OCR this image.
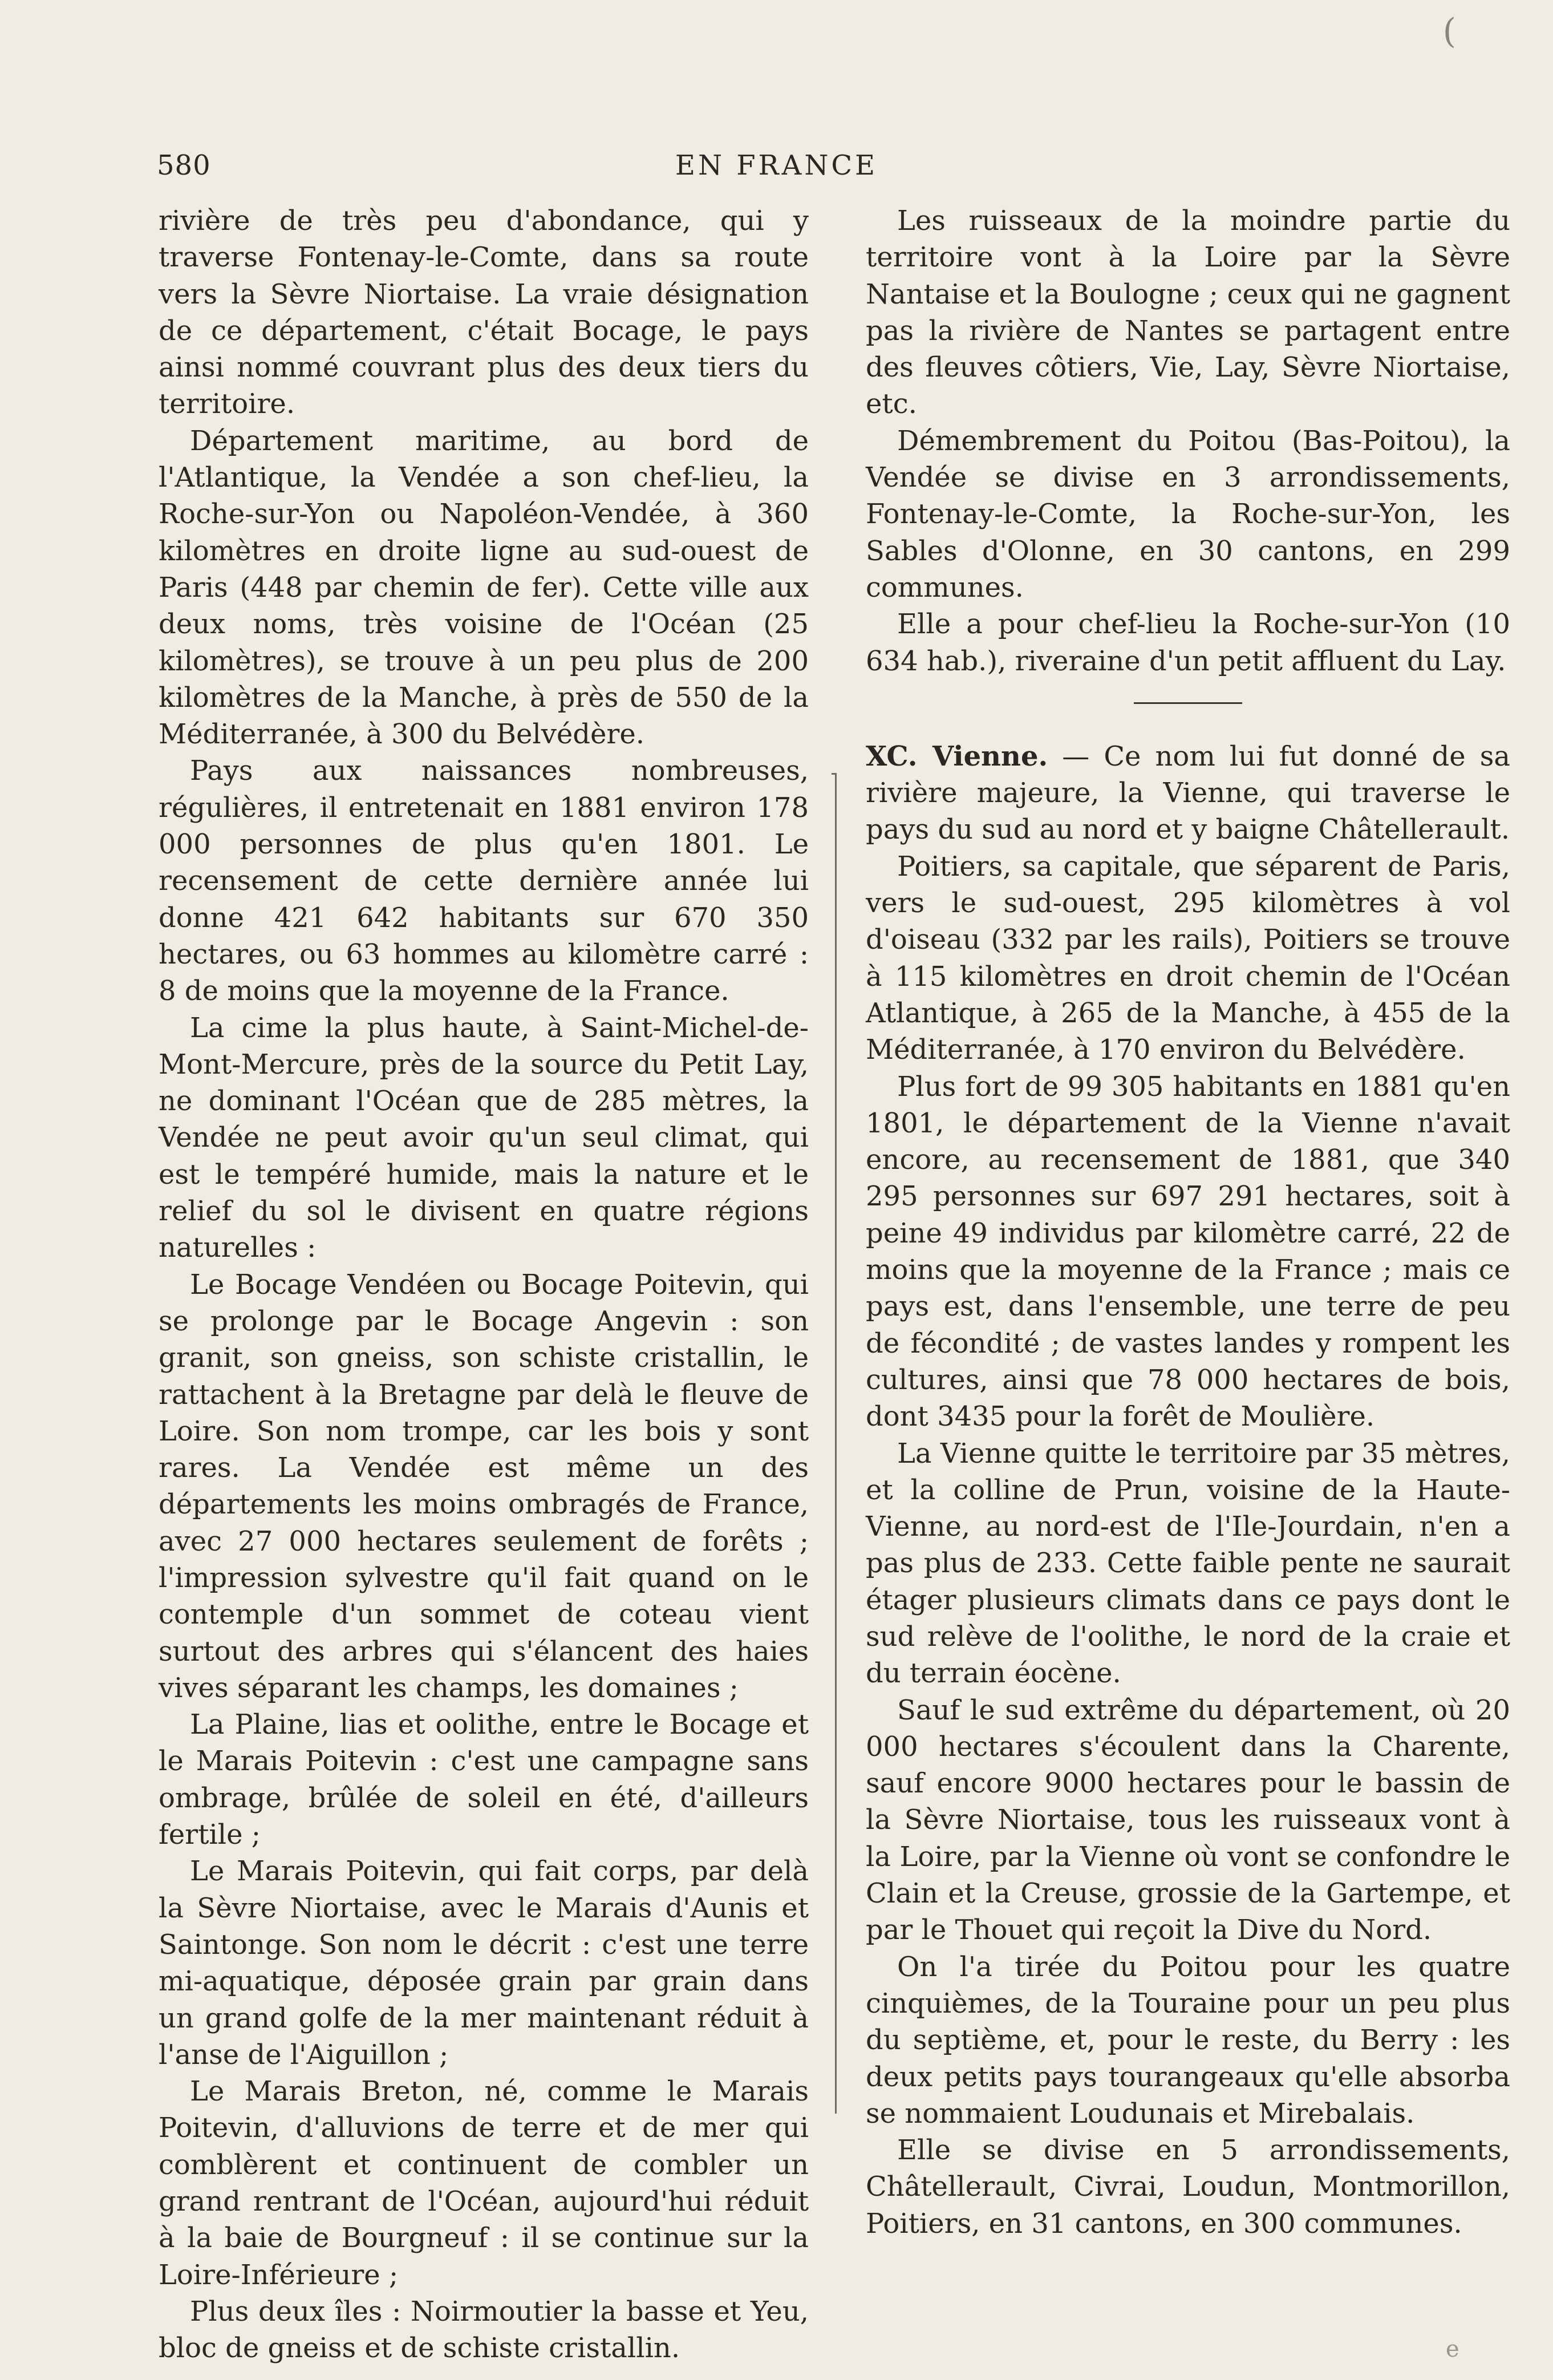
(
580	EN FRANCE

rivière de très peu d'abondance, qui y traverse Fontenay-le-Comte, dans sa route vers la Sèvre Niortaise. La vraie désignation de ce département, c'était Bocage, le pays ainsi nommé couvrant plus des deux tiers du territoire.

Département maritime, au bord de l'Atlantique, la Vendée a son chef-lieu, la Roche-sur-Yon ou Napoléon-Vendée, à 360 kilomètres en droite ligne au sud-ouest de Paris (448 par chemin de fer). Cette ville aux deux noms, très voisine de l'Océan (25 kilomètres), se trouve à un peu plus de 200 kilomètres de la Manche, à près de 550 de la Méditerranée, à 300 du Belvédère.

Pays aux naissances nombreuses, régulières, il entretenait en 1881 environ 178 000 personnes de plus qu'en 1801. Le recensement de cette dernière année lui donne 421 642 habitants sur 670 350 hectares, ou 63 hommes au kilomètre carré : 8 de moins que la moyenne de la France.

La cime la plus haute, à Saint-Michel-de-Mont-Mercure, près de la source du Petit Lay, ne dominant l'Océan que de 285 mètres, la Vendée ne peut avoir qu'un seul climat, qui est le tempéré humide, mais la nature et le relief du sol le divisent en quatre régions naturelles :

Le Bocage Vendéen ou Bocage Poitevin, qui se prolonge par le Bocage Angevin : son granit, son gneiss, son schiste cristallin, le rattachent à la Bretagne par delà le fleuve de Loire. Son nom trompe, car les bois y sont rares. La Vendée est même un des départements les moins ombragés de France, avec 27 000 hectares seulement de forêts ; l'impression sylvestre qu'il fait quand on le contemple d'un sommet de coteau vient surtout des arbres qui s'élancent des haies vives séparant les champs, les domaines ;

La Plaine, lias et oolithe, entre le Bocage et le Marais Poitevin : c'est une campagne sans ombrage, brûlée de soleil en été, d'ailleurs fertile ;

Le Marais Poitevin, qui fait corps, par delà la Sèvre Niortaise, avec le Marais d'Aunis et Saintonge. Son nom le décrit : c'est une terre mi-aquatique, déposée grain par grain dans un grand golfe de la mer maintenant réduit à l'anse de l'Aiguillon ;

Le Marais Breton, né, comme le Marais Poitevin, d'alluvions de terre et de mer qui comblèrent et continuent de combler un grand rentrant de l'Océan, aujourd'hui réduit à la baie de Bourgneuf : il se continue sur la Loire-Inférieure ;

Plus deux îles : Noirmoutier la basse et Yeu, bloc de gneiss et de schiste cristallin.

Les ruisseaux de la moindre partie du territoire vont à la Loire par la Sèvre Nantaise et la Boulogne ; ceux qui ne gagnent pas la rivière de Nantes se partagent entre des fleuves côtiers, Vie, Lay, Sèvre Niortaise, etc.

Démembrement du Poitou (Bas-Poitou), la Vendée se divise en 3 arrondissements, Fontenay-le-Comte, la Roche-sur-Yon, les Sables d'Olonne, en 30 cantons, en 299 communes.

Elle a pour chef-lieu la Roche-sur-Yon (10 634 hab.), riveraine d'un petit affluent du Lay.

XC. Vienne. — Ce nom lui fut donné de sa rivière majeure, la Vienne, qui traverse le pays du sud au nord et y baigne Châtellerault.

Poitiers, sa capitale, que séparent de Paris, vers le sud-ouest, 295 kilomètres à vol d'oiseau (332 par les rails), Poitiers se trouve à 115 kilomètres en droit chemin de l'Océan Atlantique, à 265 de la Manche, à 455 de la Méditerranée, à 170 environ du Belvédère.

Plus fort de 99 305 habitants en 1881 qu'en 1801, le département de la Vienne n'avait encore, au recensement de 1881, que 340 295 personnes sur 697 291 hectares, soit à peine 49 individus par kilomètre carré, 22 de moins que la moyenne de la France ; mais ce pays est, dans l'ensemble, une terre de peu de fécondité ; de vastes landes y rompent les cultures, ainsi que 78 000 hectares de bois, dont 3435 pour la forêt de Moulière.

La Vienne quitte le territoire par 35 mètres, et la colline de Prun, voisine de la Haute-Vienne, au nord-est de l'Ile-Jourdain, n'en a pas plus de 233. Cette faible pente ne saurait étager plusieurs climats dans ce pays dont le sud relève de l'oolithe, le nord de la craie et du terrain éocène.

Sauf le sud extrême du département, où 20 000 hectares s'écoulent dans la Charente, sauf encore 9000 hectares pour le bassin de la Sèvre Niortaise, tous les ruisseaux vont à la Loire, par la Vienne où vont se confondre le Clain et la Creuse, grossie de la Gartempe, et par le Thouet qui reçoit la Dive du Nord.

On l'a tirée du Poitou pour les quatre cinquièmes, de la Touraine pour un peu plus du septième, et, pour le reste, du Berry : les deux petits pays tourangeaux qu'elle absorba se nommaient Loudunais et Mirebalais.

Elle se divise en 5 arrondissements, Châtellerault, Civrai, Loudun, Montmorillon, Poitiers, en 31 cantons, en 300 communes.

e
